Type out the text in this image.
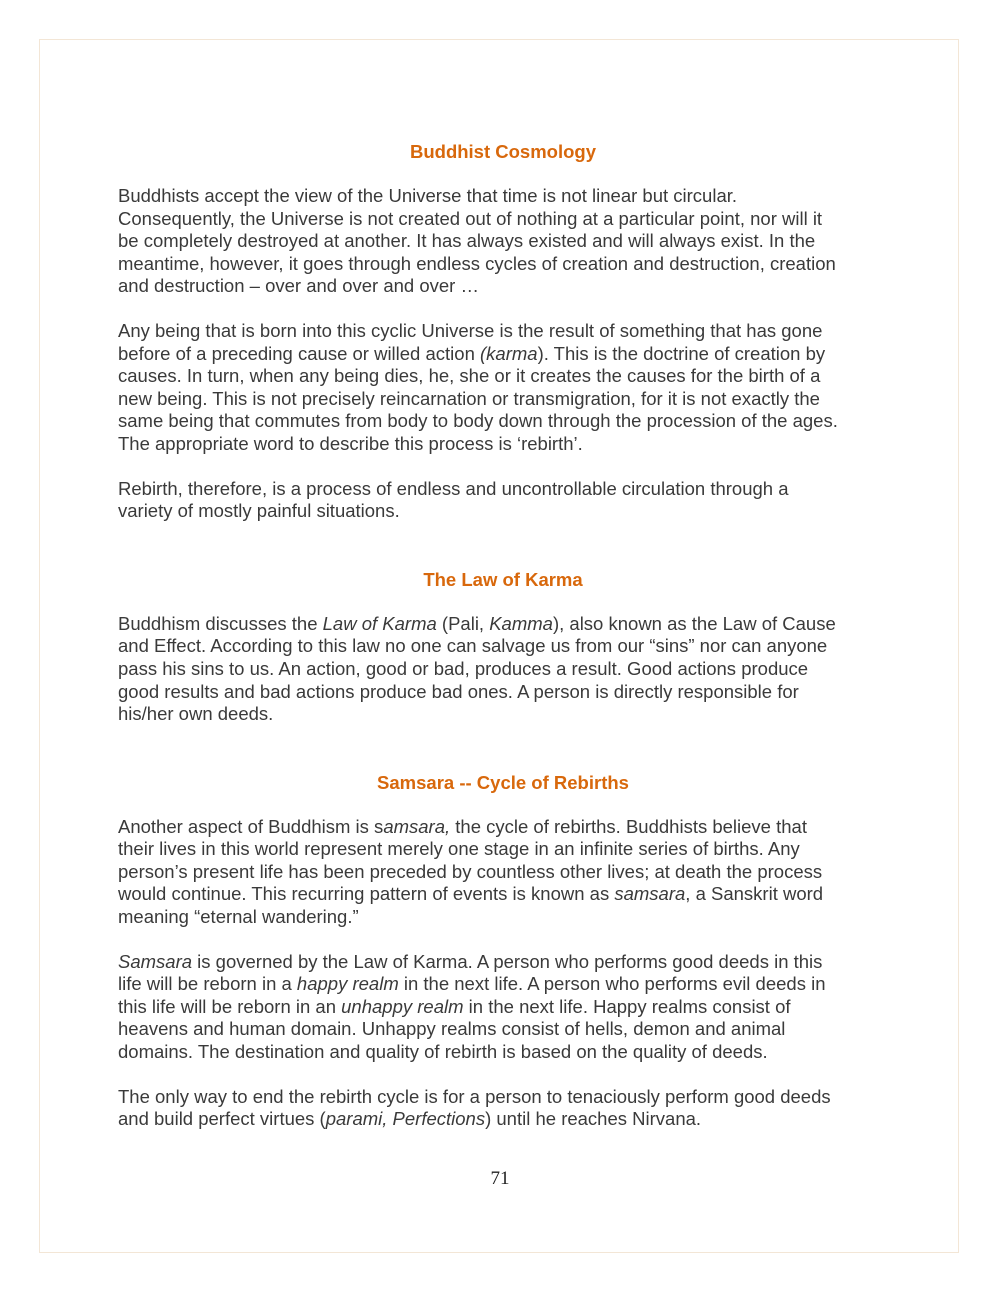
Buddhist Cosmology

Buddhists accept the view of the Universe that time is not linear but circular.
Consequently, the Universe is not created out of nothing at a particular point, nor will it
be completely destroyed at another. It has always existed and will always exist. In the
meantime, however, it goes through endless cycles of creation and destruction, creation
and destruction – over and over and over …

Any being that is born into this cyclic Universe is the result of something that has gone
before of a preceding cause or willed action (karma). This is the doctrine of creation by
causes. In turn, when any being dies, he, she or it creates the causes for the birth of a
new being. This is not precisely reincarnation or transmigration, for it is not exactly the
same being that commutes from body to body down through the procession of the ages.
The appropriate word to describe this process is ‘rebirth’.

Rebirth, therefore, is a process of endless and uncontrollable circulation through a
variety of mostly painful situations.

The Law of Karma

Buddhism discusses the Law of Karma (Pali, Kamma), also known as the Law of Cause
and Effect. According to this law no one can salvage us from our “sins” nor can anyone
pass his sins to us. An action, good or bad, produces a result. Good actions produce
good results and bad actions produce bad ones. A person is directly responsible for
his/her own deeds.

Samsara -- Cycle of Rebirths

Another aspect of Buddhism is samsara, the cycle of rebirths. Buddhists believe that
their lives in this world represent merely one stage in an infinite series of births. Any
person’s present life has been preceded by countless other lives; at death the process
would continue. This recurring pattern of events is known as samsara, a Sanskrit word
meaning “eternal wandering.”

Samsara is governed by the Law of Karma. A person who performs good deeds in this
life will be reborn in a happy realm in the next life. A person who performs evil deeds in
this life will be reborn in an unhappy realm in the next life. Happy realms consist of
heavens and human domain. Unhappy realms consist of hells, demon and animal
domains. The destination and quality of rebirth is based on the quality of deeds.

The only way to end the rebirth cycle is for a person to tenaciously perform good deeds
and build perfect virtues (parami, Perfections) until he reaches Nirvana.

71
